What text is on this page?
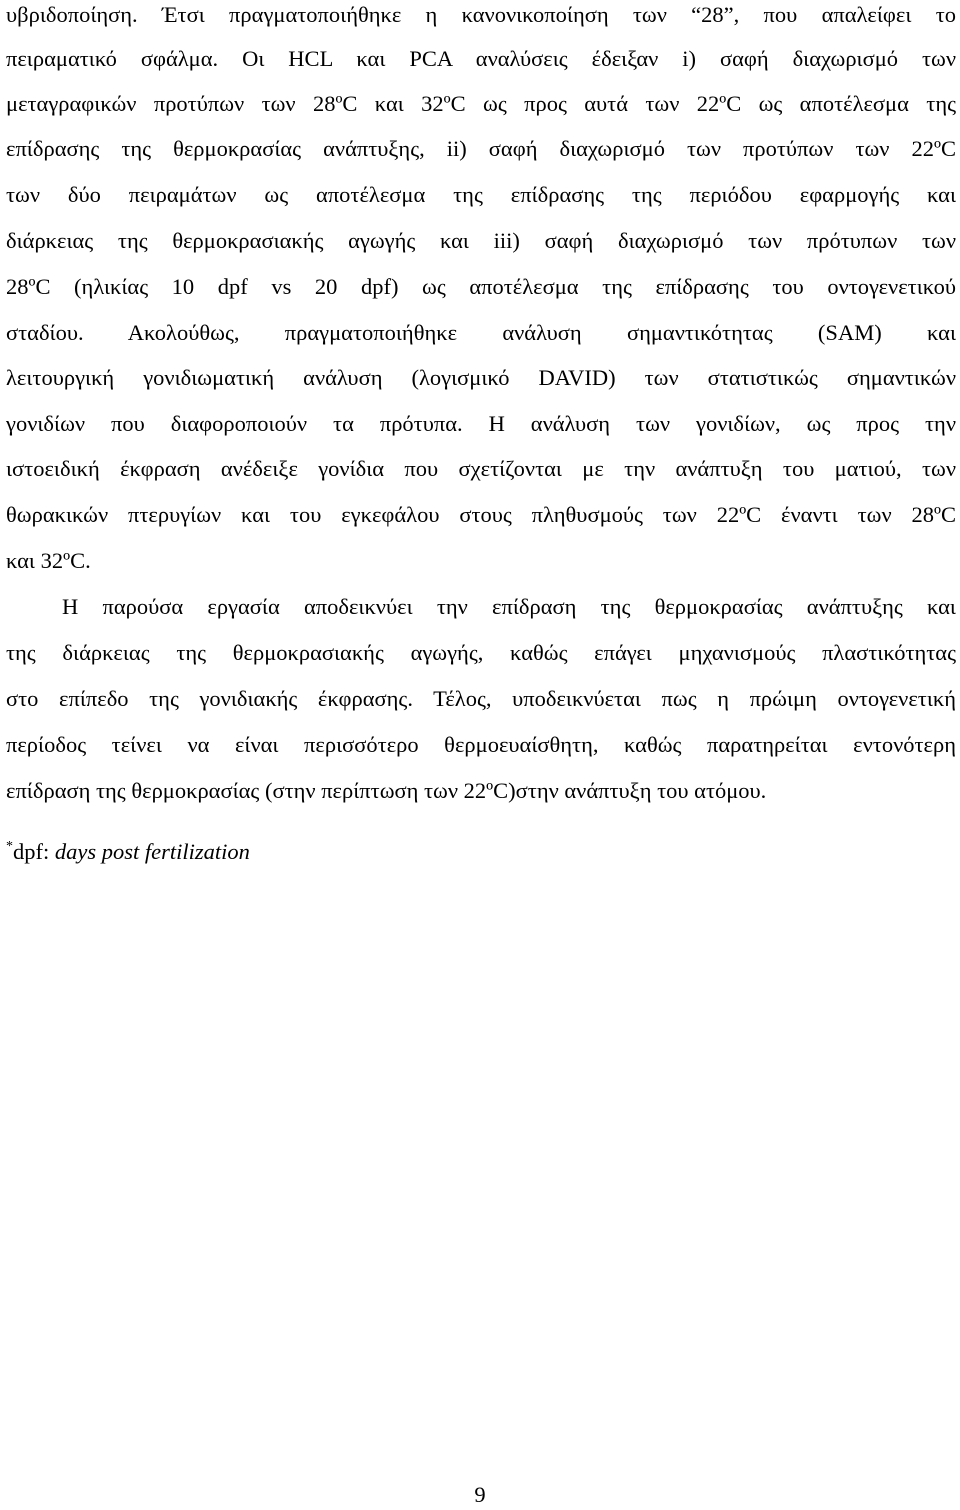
υβριδοποίηση. Έτσι πραγματοποιήθηκε η κανονικοποίηση των “28”, που απαλείφει το
πειραματικό σφάλμα. Οι HCL και PCA αναλύσεις έδειξαν i) σαφή διαχωρισμό των
μεταγραφικών προτύπων των 28ºC και 32ºC ως προς αυτά των 22ºC ως αποτέλεσμα της
επίδρασης της θερμοκρασίας ανάπτυξης, ii) σαφή διαχωρισμό των προτύπων των 22ºC
των δύο πειραμάτων ως αποτέλεσμα της επίδρασης της περιόδου εφαρμογής και
διάρκειας της θερμοκρασιακής αγωγής και iii) σαφή διαχωρισμό των πρότυπων των
28ºC (ηλικίας 10 dpf vs 20 dpf) ως αποτέλεσμα της επίδρασης του οντογενετικού
σταδίου. Ακολούθως, πραγματοποιήθηκε ανάλυση σημαντικότητας (SAM) και
λειτουργική γονιδιωματική ανάλυση (λογισμικό DAVID) των στατιστικώς σημαντικών
γονιδίων που διαφοροποιούν τα πρότυπα. Η ανάλυση των γονιδίων, ως προς την
ιστοειδική έκφραση ανέδειξε γονίδια που σχετίζονται με την ανάπτυξη του ματιού, των
θωρακικών πτερυγίων και του εγκεφάλου στους πληθυσμούς των 22ºC έναντι των 28ºC
και 32ºC.
Η παρούσα εργασία αποδεικνύει την επίδραση της θερμοκρασίας ανάπτυξης και
της διάρκειας της θερμοκρασιακής αγωγής, καθώς επάγει μηχανισμούς πλαστικότητας
στο επίπεδο της γονιδιακής έκφρασης. Τέλος, υποδεικνύεται πως η πρώιμη οντογενετική
περίοδος τείνει να είναι περισσότερο θερμοευαίσθητη, καθώς παρατηρείται εντονότερη
επίδραση της θερμοκρασίας (στην περίπτωση των 22ºC)στην ανάπτυξη του ατόμου.
*dpf: days post fertilization
9
